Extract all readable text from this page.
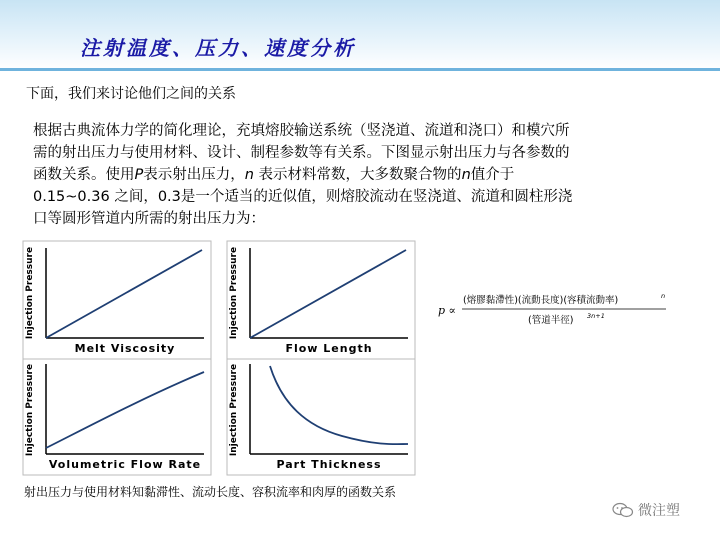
注射温度、压力、速度分析
下面，我们来讨论他们之间的关系
根据古典流体力学的简化理论，充填熔胶输送系统（竖浇道、流道和浇口）和模穴所
需的射出压力与使用材料、设计、制程参数等有关系。下图显示射出压力与各参数的
函数关系。使用P表示射出压力，n 表示材料常数，大多数聚合物的n值介于
0.15~0.36 之间，0.3是一个适当的近似值，则熔胶流动在竖浇道、流道和圆柱形浇
口等圆形管道内所需的射出压力为：
Injection Pressure
Melt Viscosity
Injection Pressure
Flow Length
Injection Pressure
Volumetric Flow Rate
Injection Pressure
Part Thickness
p ∝
(熔膠黏滯性)(流動長度)(容積流動率)	n
(管道半徑) 3n+1
射出压力与使用材料知黏滞性、流动长度、容积流率和肉厚的函数关系
微注塑
